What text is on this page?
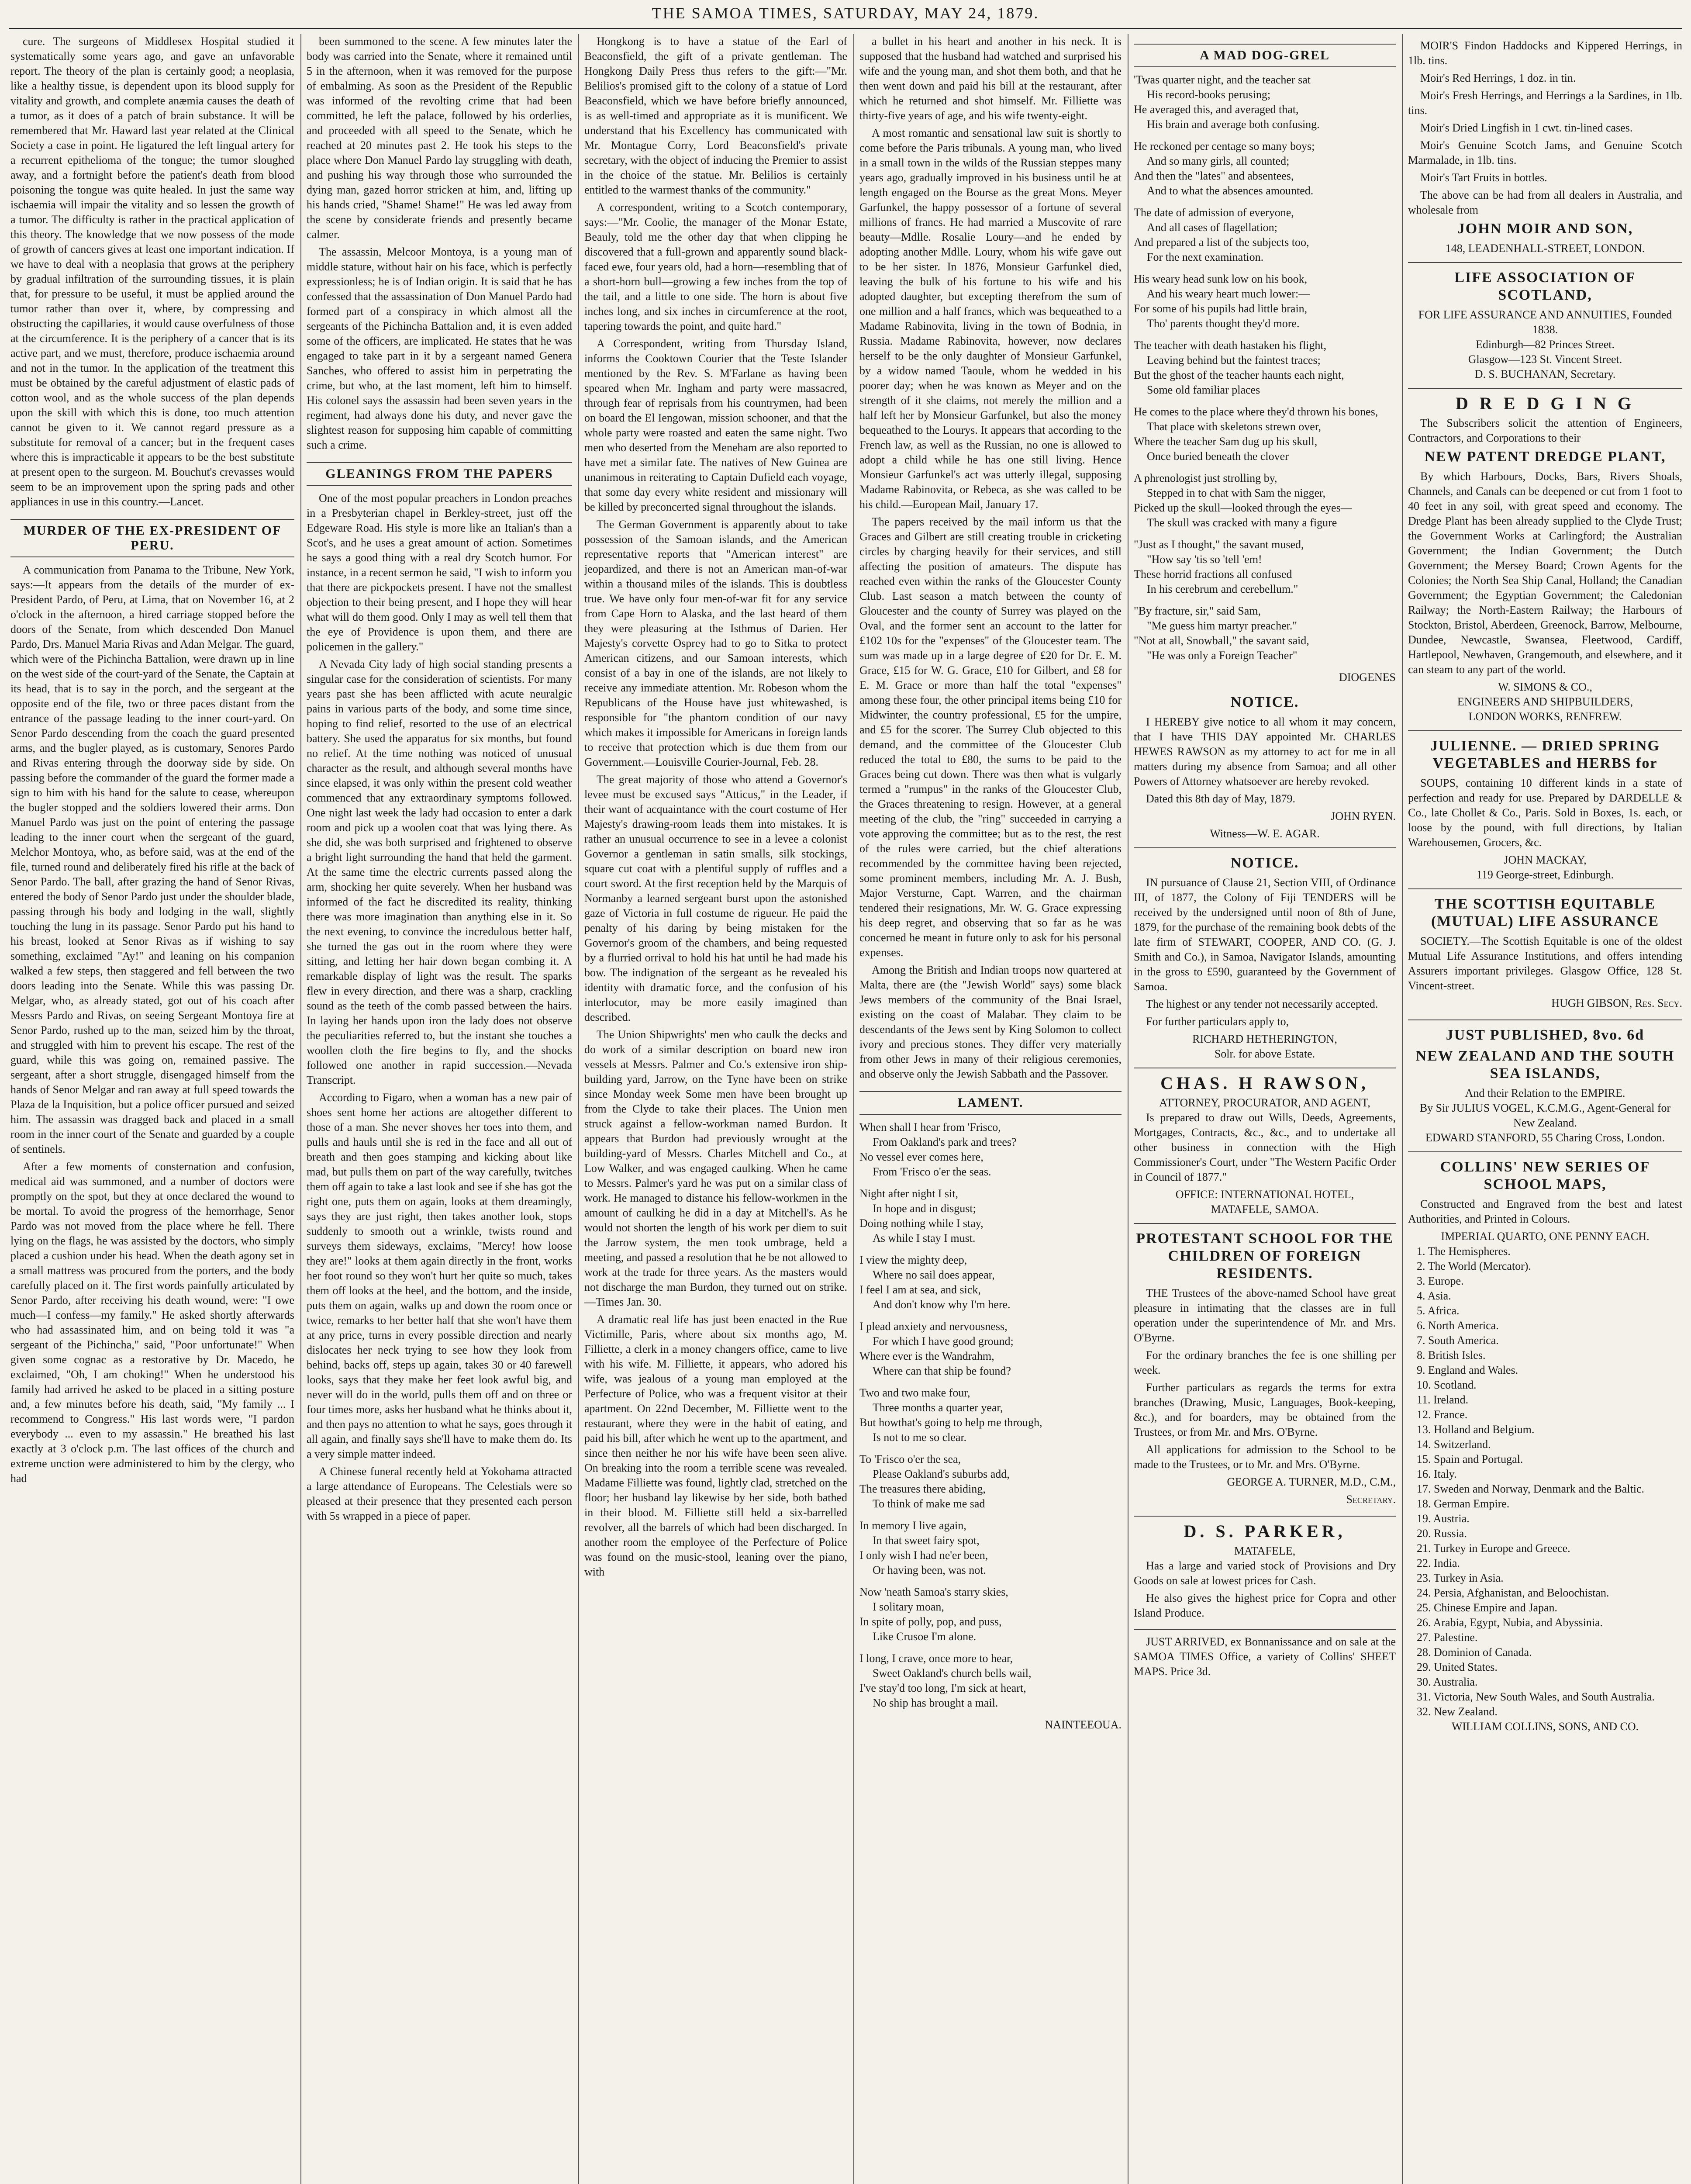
THE SAMOA TIMES, SATURDAY, MAY 24, 1879.

cure. The surgeons of Middlesex Hospital studied it systematically some years ago, and gave an unfavorable report. The theory of the plan is certainly good; a neoplasia, like a healthy tissue, is dependent upon its blood supply for vitality and growth, and complete anæmia causes the death of a tumor, as it does of a patch of brain substance. It will be remembered that Mr. Haward last year related at the Clinical Society a case in point. He ligatured the left lingual artery for a recurrent epithelioma of the tongue; the tumor sloughed away, and a fortnight before the patient's death from blood poisoning the tongue was quite healed. In just the same way ischaemia will impair the vitality and so lessen the growth of a tumor. The difficulty is rather in the practical application of this theory. The knowledge that we now possess of the mode of growth of cancers gives at least one important indication. If we have to deal with a neoplasia that grows at the periphery by gradual infiltration of the surrounding tissues, it is plain that, for pressure to be useful, it must be applied around the tumor rather than over it, where, by compressing and obstructing the capillaries, it would cause overfulness of those at the circumference. It is the periphery of a cancer that is its active part, and we must, therefore, produce ischaemia around and not in the tumor. In the application of the treatment this must be obtained by the careful adjustment of elastic pads of cotton wool, and as the whole success of the plan depends upon the skill with which this is done, too much attention cannot be given to it. We cannot regard pressure as a substitute for removal of a cancer; but in the frequent cases where this is impracticable it appears to be the best substitute at present open to the surgeon. M. Bouchut's crevasses would seem to be an improvement upon the spring pads and other appliances in use in this country.—Lancet.

MURDER OF THE EX-PRESIDENT OF PERU.

A communication from Panama to the Tribune, New York, says:—It appears from the details of the murder of ex-President Pardo, of Peru, at Lima, that on November 16, at 2 o'clock in the afternoon, a hired carriage stopped before the doors of the Senate, from which descended Don Manuel Pardo, Drs. Manuel Maria Rivas and Adan Melgar. The guard, which were of the Pichincha Battalion, were drawn up in line on the west side of the court-yard of the Senate, the Captain at its head, that is to say in the porch, and the sergeant at the opposite end of the file, two or three paces distant from the entrance of the passage leading to the inner court-yard. On Senor Pardo descending from the coach the guard presented arms, and the bugler played, as is customary, Senores Pardo and Rivas entering through the doorway side by side. On passing before the commander of the guard the former made a sign to him with his hand for the salute to cease, whereupon the bugler stopped and the soldiers lowered their arms. Don Manuel Pardo was just on the point of entering the passage leading to the inner court when the sergeant of the guard, Melchor Montoya, who, as before said, was at the end of the file, turned round and deliberately fired his rifle at the back of Senor Pardo. The ball, after grazing the hand of Senor Rivas, entered the body of Senor Pardo just under the shoulder blade, passing through his body and lodging in the wall, slightly touching the lung in its passage. Senor Pardo put his hand to his breast, looked at Senor Rivas as if wishing to say something, exclaimed "Ay!" and leaning on his companion walked a few steps, then staggered and fell between the two doors leading into the Senate. While this was passing Dr. Melgar, who, as already stated, got out of his coach after Messrs Pardo and Rivas, on seeing Sergeant Montoya fire at Senor Pardo, rushed up to the man, seized him by the throat, and struggled with him to prevent his escape. The rest of the guard, while this was going on, remained passive. The sergeant, after a short struggle, disengaged himself from the hands of Senor Melgar and ran away at full speed towards the Plaza de la Inquisition, but a police officer pursued and seized him. The assassin was dragged back and placed in a small room in the inner court of the Senate and guarded by a couple of sentinels.

After a few moments of consternation and confusion, medical aid was summoned, and a number of doctors were promptly on the spot, but they at once declared the wound to be mortal. To avoid the progress of the hemorrhage, Senor Pardo was not moved from the place where he fell. There lying on the flags, he was assisted by the doctors, who simply placed a cushion under his head. When the death agony set in a small mattress was procured from the porters, and the body carefully placed on it. The first words painfully articulated by Senor Pardo, after receiving his death wound, were: "I owe much—I confess—my family." He asked shortly afterwards who had assassinated him, and on being told it was "a sergeant of the Pichincha," said, "Poor unfortunate!" When given some cognac as a restorative by Dr. Macedo, he exclaimed, "Oh, I am choking!" When he understood his family had arrived he asked to be placed in a sitting posture and, a few minutes before his death, said, "My family ... I recommend to Congress." His last words were, "I pardon everybody ... even to my assassin." He breathed his last exactly at 3 o'clock p.m. The last offices of the church and extreme unction were administered to him by the clergy, who had

been summoned to the scene. A few minutes later the body was carried into the Senate, where it remained until 5 in the afternoon, when it was removed for the purpose of embalming. As soon as the President of the Republic was informed of the revolting crime that had been committed, he left the palace, followed by his orderlies, and proceeded with all speed to the Senate, which he reached at 20 minutes past 2. He took his steps to the place where Don Manuel Pardo lay struggling with death, and pushing his way through those who surrounded the dying man, gazed horror stricken at him, and, lifting up his hands cried, "Shame! Shame!" He was led away from the scene by considerate friends and presently became calmer.

The assassin, Melcoor Montoya, is a young man of middle stature, without hair on his face, which is perfectly expressionless; he is of Indian origin. It is said that he has confessed that the assassination of Don Manuel Pardo had formed part of a conspiracy in which almost all the sergeants of the Pichincha Battalion and, it is even added some of the officers, are implicated. He states that he was engaged to take part in it by a sergeant named Genera Sanches, who offered to assist him in perpetrating the crime, but who, at the last moment, left him to himself. His colonel says the assassin had been seven years in the regiment, had always done his duty, and never gave the slightest reason for supposing him capable of committing such a crime.

GLEANINGS FROM THE PAPERS

One of the most popular preachers in London preaches in a Presbyterian chapel in Berkley-street, just off the Edgeware Road. His style is more like an Italian's than a Scot's, and he uses a great amount of action. Sometimes he says a good thing with a real dry Scotch humor. For instance, in a recent sermon he said, "I wish to inform you that there are pickpockets present. I have not the smallest objection to their being present, and I hope they will hear what will do them good. Only I may as well tell them that the eye of Providence is upon them, and there are policemen in the gallery."

A Nevada City lady of high social standing presents a singular case for the consideration of scientists. For many years past she has been afflicted with acute neuralgic pains in various parts of the body, and some time since, hoping to find relief, resorted to the use of an electrical battery. She used the apparatus for six months, but found no relief. At the time nothing was noticed of unusual character as the result, and although several months have since elapsed, it was only within the present cold weather commenced that any extraordinary symptoms followed. One night last week the lady had occasion to enter a dark room and pick up a woolen coat that was lying there. As she did, she was both surprised and frightened to observe a bright light surrounding the hand that held the garment. At the same time the electric currents passed along the arm, shocking her quite severely. When her husband was informed of the fact he discredited its reality, thinking there was more imagination than anything else in it. So the next evening, to convince the incredulous better half, she turned the gas out in the room where they were sitting, and letting her hair down began combing it. A remarkable display of light was the result. The sparks flew in every direction, and there was a sharp, crackling sound as the teeth of the comb passed between the hairs. In laying her hands upon iron the lady does not observe the peculiarities referred to, but the instant she touches a woollen cloth the fire begins to fly, and the shocks followed one another in rapid succession.—Nevada Transcript.

According to Figaro, when a woman has a new pair of shoes sent home her actions are altogether different to those of a man. She never shoves her toes into them, and pulls and hauls until she is red in the face and all out of breath and then goes stamping and kicking about like mad, but pulls them on part of the way carefully, twitches them off again to take a last look and see if she has got the right one, puts them on again, looks at them dreamingly, says they are just right, then takes another look, stops suddenly to smooth out a wrinkle, twists round and surveys them sideways, exclaims, "Mercy! how loose they are!" looks at them again directly in the front, works her foot round so they won't hurt her quite so much, takes them off looks at the heel, and the bottom, and the inside, puts them on again, walks up and down the room once or twice, remarks to her better half that she won't have them at any price, turns in every possible direction and nearly dislocates her neck trying to see how they look from behind, backs off, steps up again, takes 30 or 40 farewell looks, says that they make her feet look awful big, and never will do in the world, pulls them off and on three or four times more, asks her husband what he thinks about it, and then pays no attention to what he says, goes through it all again, and finally says she'll have to make them do. Its a very simple matter indeed.

A Chinese funeral recently held at Yokohama attracted a large attendance of Europeans. The Celestials were so pleased at their presence that they presented each person with 5s wrapped in a piece of paper.

Hongkong is to have a statue of the Earl of Beaconsfield, the gift of a private gentleman. The Hongkong Daily Press thus refers to the gift:—"Mr. Belilios's promised gift to the colony of a statue of Lord Beaconsfield, which we have before briefly announced, is as well-timed and appropriate as it is munificent. We understand that his Excellency has communicated with Mr. Montague Corry, Lord Beaconsfield's private secretary, with the object of inducing the Premier to assist in the choice of the statue. Mr. Belilios is certainly entitled to the warmest thanks of the community."

A correspondent, writing to a Scotch contemporary, says:—"Mr. Coolie, the manager of the Monar Estate, Beauly, told me the other day that when clipping he discovered that a full-grown and apparently sound black-faced ewe, four years old, had a horn—resembling that of a short-horn bull—growing a few inches from the top of the tail, and a little to one side. The horn is about five inches long, and six inches in circumference at the root, tapering towards the point, and quite hard."

A Correspondent, writing from Thursday Island, informs the Cooktown Courier that the Teste Islander mentioned by the Rev. S. M'Farlane as having been speared when Mr. Ingham and party were massacred, through fear of reprisals from his countrymen, had been on board the El Iengowan, mission schooner, and that the whole party were roasted and eaten the same night. Two men who deserted from the Meneham are also reported to have met a similar fate. The natives of New Guinea are unanimous in reiterating to Captain Dufield each voyage, that some day every white resident and missionary will be killed by preconcerted signal throughout the islands.

The German Government is apparently about to take possession of the Samoan islands, and the American representative reports that "American interest" are jeopardized, and there is not an American man-of-war within a thousand miles of the islands. This is doubtless true. We have only four men-of-war fit for any service from Cape Horn to Alaska, and the last heard of them they were pleasuring at the Isthmus of Darien. Her Majesty's corvette Osprey had to go to Sitka to protect American citizens, and our Samoan interests, which consist of a bay in one of the islands, are not likely to receive any immediate attention. Mr. Robeson whom the Republicans of the House have just whitewashed, is responsible for "the phantom condition of our navy which makes it impossible for Americans in foreign lands to receive that protection which is due them from our Government.—Louisville Courier-Journal, Feb. 28.

The great majority of those who attend a Governor's levee must be excused says "Atticus," in the Leader, if their want of acquaintance with the court costume of Her Majesty's drawing-room leads them into mistakes. It is rather an unusual occurrence to see in a levee a colonist Governor a gentleman in satin smalls, silk stockings, square cut coat with a plentiful supply of ruffles and a court sword. At the first reception held by the Marquis of Normanby a learned sergeant burst upon the astonished gaze of Victoria in full costume de rigueur. He paid the penalty of his daring by being mistaken for the Governor's groom of the chambers, and being requested by a flurried orrival to hold his hat until he had made his bow. The indignation of the sergeant as he revealed his identity with dramatic force, and the confusion of his interlocutor, may be more easily imagined than described.

The Union Shipwrights' men who caulk the decks and do work of a similar description on board new iron vessels at Messrs. Palmer and Co.'s extensive iron ship-building yard, Jarrow, on the Tyne have been on strike since Monday week Some men have been brought up from the Clyde to take their places. The Union men struck against a fellow-workman named Burdon. It appears that Burdon had previously wrought at the building-yard of Messrs. Charles Mitchell and Co., at Low Walker, and was engaged caulking. When he came to Messrs. Palmer's yard he was put on a similar class of work. He managed to distance his fellow-workmen in the amount of caulking he did in a day at Mitchell's. As he would not shorten the length of his work per diem to suit the Jarrow system, the men took umbrage, held a meeting, and passed a resolution that he be not allowed to work at the trade for three years. As the masters would not discharge the man Burdon, they turned out on strike.—Times Jan. 30.

A dramatic real life has just been enacted in the Rue Victimille, Paris, where about six months ago, M. Filliette, a clerk in a money changers office, came to live with his wife. M. Filliette, it appears, who adored his wife, was jealous of a young man employed at the Perfecture of Police, who was a frequent visitor at their apartment. On 22nd December, M. Filliette went to the restaurant, where they were in the habit of eating, and paid his bill, after which he went up to the apartment, and since then neither he nor his wife have been seen alive. On breaking into the room a terrible scene was revealed. Madame Filliette was found, lightly clad, stretched on the floor; her husband lay likewise by her side, both bathed in their blood. M. Filliette still held a six-barrelled revolver, all the barrels of which had been discharged. In another room the employee of the Perfecture of Police was found on the music-stool, leaning over the piano, with

a bullet in his heart and another in his neck. It is supposed that the husband had watched and surprised his wife and the young man, and shot them both, and that he then went down and paid his bill at the restaurant, after which he returned and shot himself. Mr. Filliette was thirty-five years of age, and his wife twenty-eight.

A most romantic and sensational law suit is shortly to come before the Paris tribunals. A young man, who lived in a small town in the wilds of the Russian steppes many years ago, gradually improved in his business until he at length engaged on the Bourse as the great Mons. Meyer Garfunkel, the happy possessor of a fortune of several millions of francs. He had married a Muscovite of rare beauty—Mdlle. Rosalie Loury—and he ended by adopting another Mdlle. Loury, whom his wife gave out to be her sister. In 1876, Monsieur Garfunkel died, leaving the bulk of his fortune to his wife and his adopted daughter, but excepting therefrom the sum of one million and a half francs, which was bequeathed to a Madame Rabinovita, living in the town of Bodnia, in Russia. Madame Rabinovita, however, now declares herself to be the only daughter of Monsieur Garfunkel, by a widow named Taoule, whom he wedded in his poorer day; when he was known as Meyer and on the strength of it she claims, not merely the million and a half left her by Monsieur Garfunkel, but also the money bequeathed to the Lourys. It appears that according to the French law, as well as the Russian, no one is allowed to adopt a child while he has one still living. Hence Monsieur Garfunkel's act was utterly illegal, supposing Madame Rabinovita, or Rebeca, as she was called to be his child.—European Mail, January 17.

The papers received by the mail inform us that the Graces and Gilbert are still creating trouble in cricketing circles by charging heavily for their services, and still affecting the position of amateurs. The dispute has reached even within the ranks of the Gloucester County Club. Last season a match between the county of Gloucester and the county of Surrey was played on the Oval, and the former sent an account to the latter for £102 10s for the "expenses" of the Gloucester team. The sum was made up in a large degree of £20 for Dr. E. M. Grace, £15 for W. G. Grace, £10 for Gilbert, and £8 for E. M. Grace or more than half the total "expenses" among these four, the other principal items being £10 for Midwinter, the country professional, £5 for the umpire, and £5 for the scorer. The Surrey Club objected to this demand, and the committee of the Gloucester Club reduced the total to £80, the sums to be paid to the Graces being cut down. There was then what is vulgarly termed a "rumpus" in the ranks of the Gloucester Club, the Graces threatening to resign. However, at a general meeting of the club, the "ring" succeeded in carrying a vote approving the committee; but as to the rest, the rest of the rules were carried, but the chief alterations recommended by the committee having been rejected, some prominent members, including Mr. A. J. Bush, Major Versturne, Capt. Warren, and the chairman tendered their resignations, Mr. W. G. Grace expressing his deep regret, and observing that so far as he was concerned he meant in future only to ask for his personal expenses.

Among the British and Indian troops now quartered at Malta, there are (the "Jewish World" says) some black Jews members of the community of the Bnai Israel, existing on the coast of Malabar. They claim to be descendants of the Jews sent by King Solomon to collect ivory and precious stones. They differ very materially from other Jews in many of their religious ceremonies, and observe only the Jewish Sabbath and the Passover.

LAMENT.

When shall I hear from 'Frisco,

From Oakland's park and trees?

No vessel ever comes here,

From 'Frisco o'er the seas.

Night after night I sit,

In hope and in disgust;

Doing nothing while I stay,

As while I stay I must.

I view the mighty deep,

Where no sail does appear,

I feel I am at sea, and sick,

And don't know why I'm here.

I plead anxiety and nervousness,

For which I have good ground;

Where ever is the Wandrahm,

Where can that ship be found?

Two and two make four,

Three months a quarter year,

But howthat's going to help me through,

Is not to me so clear.

To 'Frisco o'er the sea,

Please Oakland's suburbs add,

The treasures there abiding,

To think of make me sad

In memory I live again,

In that sweet fairy spot,

I only wish I had ne'er been,

Or having been, was not.

Now 'neath Samoa's starry skies,

I solitary moan,

In spite of polly, pop, and puss,

Like Crusoe I'm alone.

I long, I crave, once more to hear,

Sweet Oakland's church bells wail,

I've stay'd too long, I'm sick at heart,

No ship has brought a mail.

NAINTEEOUA.

A MAD DOG-GREL

'Twas quarter night, and the teacher sat

His record-books perusing;

He averaged this, and averaged that,

His brain and average both confusing.

He reckoned per centage so many boys;

And so many girls, all counted;

And then the "lates" and absentees,

And to what the absences amounted.

The date of admission of everyone,

And all cases of flagellation;

And prepared a list of the subjects too,

For the next examination.

His weary head sunk low on his book,

And his weary heart much lower:—

For some of his pupils had little brain,

Tho' parents thought they'd more.

The teacher with death hastaken his flight,

Leaving behind but the faintest traces;

But the ghost of the teacher haunts each night,

Some old familiar places

He comes to the place where they'd thrown his bones,

That place with skeletons strewn over,

Where the teacher Sam dug up his skull,

Once buried beneath the clover

A phrenologist just strolling by,

Stepped in to chat with Sam the nigger,

Picked up the skull—looked through the eyes—

The skull was cracked with many a figure

"Just as I thought," the savant mused,

"How say 'tis so 'tell 'em!

These horrid fractions all confused

In his cerebrum and cerebellum."

"By fracture, sir," said Sam,

"Me guess him martyr preacher."

"Not at all, Snowball," the savant said,

"He was only a Foreign Teacher"

DIOGENES

NOTICE.

I HEREBY give notice to all whom it may concern, that I have THIS DAY appointed Mr. CHARLES HEWES RAWSON as my attorney to act for me in all matters during my absence from Samoa; and all other Powers of Attorney whatsoever are hereby revoked.

Dated this 8th day of May, 1879.

JOHN RYEN.

Witness—W. E. AGAR.

NOTICE.

IN pursuance of Clause 21, Section VIII, of Ordinance III, of 1877, the Colony of Fiji TENDERS will be received by the undersigned until noon of 8th of June, 1879, for the purchase of the remaining book debts of the late firm of STEWART, COOPER, AND CO. (G. J. Smith and Co.), in Samoa, Navigator Islands, amounting in the gross to £590, guaranteed by the Government of Samoa.

The highest or any tender not necessarily accepted.

For further particulars apply to,

RICHARD HETHERINGTON,

Solr. for above Estate.

CHAS. H RAWSON,

ATTORNEY, PROCURATOR, AND AGENT,

Is prepared to draw out Wills, Deeds, Agreements, Mortgages, Contracts, &c., &c., and to undertake all other business in connection with the High Commissioner's Court, under "The Western Pacific Order in Council of 1877."

OFFICE: INTERNATIONAL HOTEL,

MATAFELE, SAMOA.

PROTESTANT SCHOOL FOR THE CHILDREN OF FOREIGN RESIDENTS.

THE Trustees of the above-named School have great pleasure in intimating that the classes are in full operation under the superintendence of Mr. and Mrs. O'Byrne.

For the ordinary branches the fee is one shilling per week.

Further particulars as regards the terms for extra branches (Drawing, Music, Languages, Book-keeping, &c.), and for boarders, may be obtained from the Trustees, or from Mr. and Mrs. O'Byrne.

All applications for admission to the School to be made to the Trustees, or to Mr. and Mrs. O'Byrne.

GEORGE A. TURNER, M.D., C.M.,

Secretary.

D. S. PARKER,

MATAFELE,

Has a large and varied stock of Provisions and Dry Goods on sale at lowest prices for Cash.

He also gives the highest price for Copra and other Island Produce.

JUST ARRIVED, ex Bonnanissance and on sale at the SAMOA TIMES Office, a variety of Collins' SHEET MAPS. Price 3d.

MOIR'S Findon Haddocks and Kippered Herrings, in 1lb. tins.

Moir's Red Herrings, 1 doz. in tin.

Moir's Fresh Herrings, and Herrings a la Sardines, in 1lb. tins.

Moir's Dried Lingfish in 1 cwt. tin-lined cases.

Moir's Genuine Scotch Jams, and Genuine Scotch Marmalade, in 1lb. tins.

Moir's Tart Fruits in bottles.

The above can be had from all dealers in Australia, and wholesale from

JOHN MOIR AND SON,

148, LEADENHALL-STREET, LONDON.

LIFE ASSOCIATION OF SCOTLAND,

FOR LIFE ASSURANCE AND ANNUITIES, Founded 1838.

Edinburgh—82 Princes Street.

Glasgow—123 St. Vincent Street.

D. S. BUCHANAN, Secretary.

D R E D G I N G

The Subscribers solicit the attention of Engineers, Contractors, and Corporations to their

NEW PATENT DREDGE PLANT,

By which Harbours, Docks, Bars, Rivers Shoals, Channels, and Canals can be deepened or cut from 1 foot to 40 feet in any soil, with great speed and economy. The Dredge Plant has been already supplied to the Clyde Trust; the Government Works at Carlingford; the Australian Government; the Indian Government; the Dutch Government; the Mersey Board; Crown Agents for the Colonies; the North Sea Ship Canal, Holland; the Canadian Government; the Egyptian Government; the Caledonian Railway; the North-Eastern Railway; the Harbours of Stockton, Bristol, Aberdeen, Greenock, Barrow, Melbourne, Dundee, Newcastle, Swansea, Fleetwood, Cardiff, Hartlepool, Newhaven, Grangemouth, and elsewhere, and it can steam to any part of the world.

W. SIMONS & CO.,

ENGINEERS AND SHIPBUILDERS,

LONDON WORKS, RENFREW.

JULIENNE. — DRIED SPRING VEGETABLES and HERBS for

SOUPS, containing 10 different kinds in a state of perfection and ready for use. Prepared by DARDELLE & Co., late Chollet & Co., Paris. Sold in Boxes, 1s. each, or loose by the pound, with full directions, by Italian Warehousemen, Grocers, &c.

JOHN MACKAY,

119 George-street, Edinburgh.

THE SCOTTISH EQUITABLE (MUTUAL) LIFE ASSURANCE

SOCIETY.—The Scottish Equitable is one of the oldest Mutual Life Assurance Institutions, and offers intending Assurers important privileges. Glasgow Office, 128 St. Vincent-street.

HUGH GIBSON, Res. Secy.

JUST PUBLISHED, 8vo. 6d
NEW ZEALAND AND THE SOUTH SEA ISLANDS,

And their Relation to the EMPIRE.

By Sir JULIUS VOGEL, K.C.M.G., Agent-General for New Zealand.

EDWARD STANFORD, 55 Charing Cross, London.

COLLINS' NEW SERIES OF SCHOOL MAPS,

Constructed and Engraved from the best and latest Authorities, and Printed in Colours.

IMPERIAL QUARTO, ONE PENNY EACH.

1. The Hemispheres.
2. The World (Mercator).
3. Europe.
4. Asia.
5. Africa.
6. North America.
7. South America.
8. British Isles.
9. England and Wales.
10. Scotland.
11. Ireland.
12. France.
13. Holland and Belgium.
14. Switzerland.
15. Spain and Portugal.
16. Italy.
17. Sweden and Norway, Denmark and the Baltic.
18. German Empire.
19. Austria.
20. Russia.
21. Turkey in Europe and Greece.
22. India.
23. Turkey in Asia.
24. Persia, Afghanistan, and Beloochistan.
25. Chinese Empire and Japan.
26. Arabia, Egypt, Nubia, and Abyssinia.
27. Palestine.
28. Dominion of Canada.
29. United States.
30. Australia.
31. Victoria, New South Wales, and South Australia.
32. New Zealand.

WILLIAM COLLINS, SONS, AND CO.
